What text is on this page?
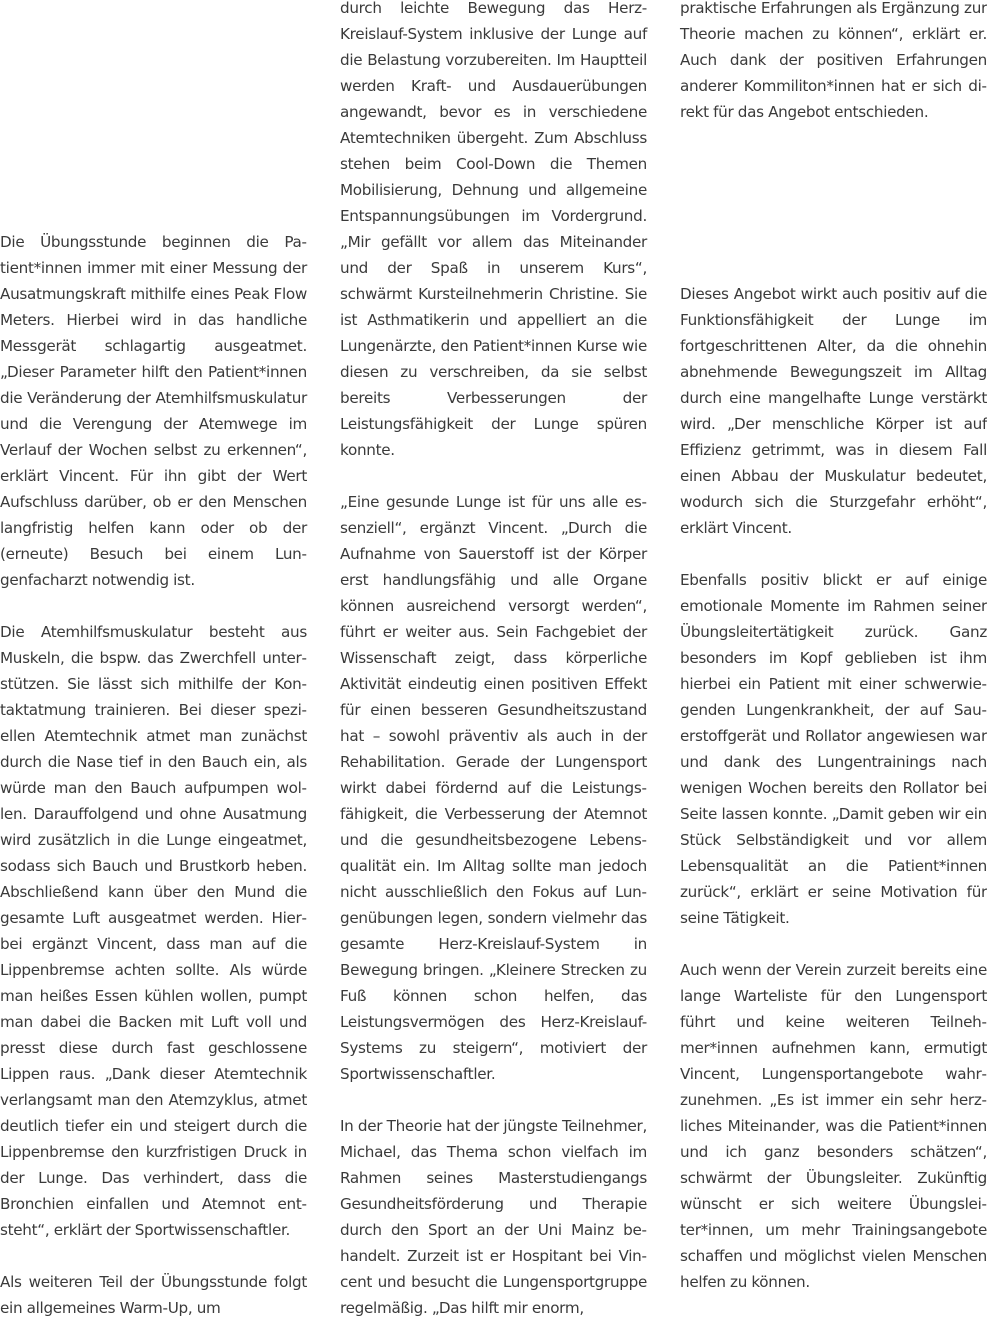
Die Übungsstunde beginnen die Patient*innen immer mit einer Messung der Ausatmungskraft mithilfe eines Peak Flow Meters. Hierbei wird in das handliche Messgerät schlagartig ausgeatmet. „Dieser Parameter hilft den Patient*innen die Veränderung der Atemhilfsmuskulatur und die Verengung der Atemwege im Verlauf der Wochen selbst zu erkennen“, erklärt Vincent. Für ihn gibt der Wert Aufschluss darüber, ob er den Menschen langfristig helfen kann oder ob der (erneute) Besuch bei einem Lungenfacharzt notwendig ist.

Die Atemhilfsmuskulatur besteht aus Muskeln, die bspw. das Zwerchfell unterstützen. Sie lässt sich mithilfe der Kontaktatmung trainieren. Bei dieser speziellen Atemtechnik atmet man zunächst durch die Nase tief in den Bauch ein, als würde man den Bauch aufpumpen wollen. Darauffolgend und ohne Ausatmung wird zusätzlich in die Lunge eingeatmet, sodass sich Bauch und Brustkorb heben. Abschließend kann über den Mund die gesamte Luft ausgeatmet werden. Hierbei ergänzt Vincent, dass man auf die Lippenbremse achten sollte. Als würde man heißes Essen kühlen wollen, pumpt man dabei die Backen mit Luft voll und presst diese durch fast geschlossene Lippen raus. „Dank dieser Atemtechnik verlangsamt man den Atemzyklus, atmet deutlich tiefer ein und steigert durch die Lippenbremse den kurzfristigen Druck in der Lunge. Das verhindert, dass die Bronchien einfallen und Atemnot entsteht“, erklärt der Sportwissenschaftler.

Als weiteren Teil der Übungsstunde folgt ein allgemeines Warm-Up, um

durch leichte Bewegung das Herz-Kreislauf-System inklusive der Lunge auf die Belastung vorzubereiten. Im Hauptteil werden Kraft- und Ausdauerübungen angewandt, bevor es in verschiedene Atemtechniken übergeht. Zum Abschluss stehen beim Cool-Down die Themen Mobilisierung, Dehnung und allgemeine Entspannungsübungen im Vordergrund. „Mir gefällt vor allem das Miteinander und der Spaß in unserem Kurs“, schwärmt Kursteilnehmerin Christine. Sie ist Asthmatikerin und appelliert an die Lungenärzte, den Patient*innen Kurse wie diesen zu verschreiben, da sie selbst bereits Verbesserungen der Leistungsfähigkeit der Lunge spüren konnte.

„Eine gesunde Lunge ist für uns alle essenziell“, ergänzt Vincent. „Durch die Aufnahme von Sauerstoff ist der Körper erst handlungsfähig und alle Organe können ausreichend versorgt werden“, führt er weiter aus. Sein Fachgebiet der Wissenschaft zeigt, dass körperliche Aktivität eindeutig einen positiven Effekt für einen besseren Gesundheitszustand hat – sowohl präventiv als auch in der Rehabilitation. Gerade der Lungensport wirkt dabei fördernd auf die Leistungsfähigkeit, die Verbesserung der Atemnot und die gesundheitsbezogene Lebensqualität ein. Im Alltag sollte man jedoch nicht ausschließlich den Fokus auf Lungenübungen legen, sondern vielmehr das gesamte Herz-Kreislauf-System in Bewegung bringen. „Kleinere Strecken zu Fuß können schon helfen, das Leistungsvermögen des Herz-Kreislauf-Systems zu steigern“, motiviert der Sportwissenschaftler.

In der Theorie hat der jüngste Teilnehmer, Michael, das Thema schon vielfach im Rahmen seines Masterstudiengangs Gesundheitsförderung und Therapie durch den Sport an der Uni Mainz behandelt. Zurzeit ist er Hospitant bei Vincent und besucht die Lungensportgruppe regelmäßig. „Das hilft mir enorm,

praktische Erfahrungen als Ergänzung zur Theorie machen zu können“, erklärt er. Auch dank der positiven Erfahrungen anderer Kommiliton*innen hat er sich direkt für das Angebot entschieden.

Dieses Angebot wirkt auch positiv auf die Funktionsfähigkeit der Lunge im fortgeschrittenen Alter, da die ohnehin abnehmende Bewegungszeit im Alltag durch eine mangelhafte Lunge verstärkt wird. „Der menschliche Körper ist auf Effizienz getrimmt, was in diesem Fall einen Abbau der Muskulatur bedeutet, wodurch sich die Sturzgefahr erhöht“, erklärt Vincent.

Ebenfalls positiv blickt er auf einige emotionale Momente im Rahmen seiner Übungsleitertätigkeit zurück. Ganz besonders im Kopf geblieben ist ihm hierbei ein Patient mit einer schwerwiegenden Lungenkrankheit, der auf Sauerstoffgerät und Rollator angewiesen war und dank des Lungentrainings nach wenigen Wochen bereits den Rollator bei Seite lassen konnte. „Damit geben wir ein Stück Selbständigkeit und vor allem Lebensqualität an die Patient*innen zurück“, erklärt er seine Motivation für seine Tätigkeit.

Auch wenn der Verein zurzeit bereits eine lange Warteliste für den Lungensport führt und keine weiteren Teilnehmer*innen aufnehmen kann, ermutigt Vincent, Lungensportangebote wahrzunehmen. „Es ist immer ein sehr herzliches Miteinander, was die Patient*innen und ich ganz besonders schätzen“, schwärmt der Übungsleiter. Zukünftig wünscht er sich weitere Übungsleiter*innen, um mehr Trainingsangebote schaffen und möglichst vielen Menschen helfen zu können.
